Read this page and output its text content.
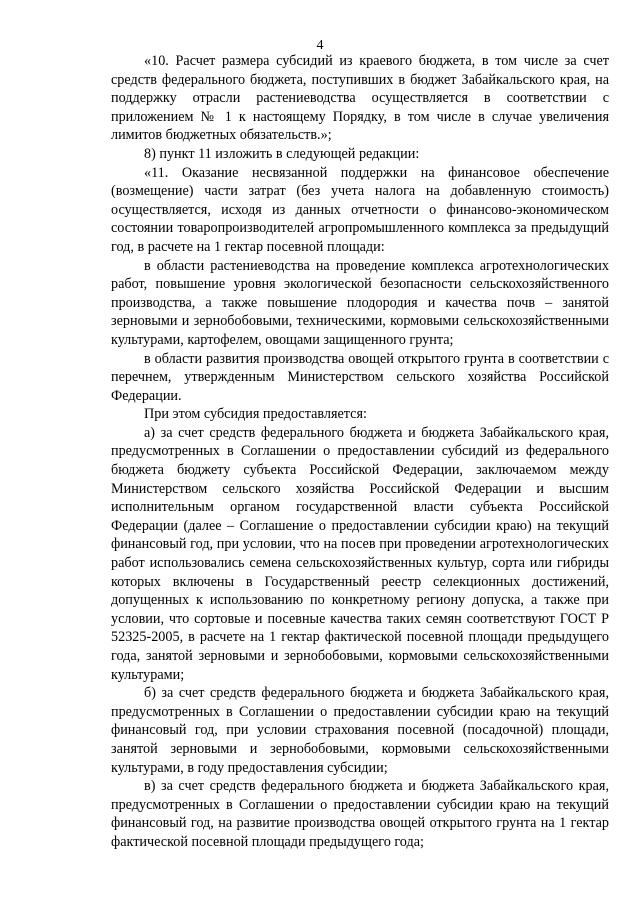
4

«10. Расчет размера субсидий из краевого бюджета, в том числе за счет средств федерального бюджета, поступивших в бюджет Забайкальского края, на поддержку отрасли растениеводства осуществляется в соответствии с приложением № 1 к настоящему Порядку, в том числе в случае увеличения лимитов бюджетных обязательств.»;

8) пункт 11 изложить в следующей редакции:

«11. Оказание несвязанной поддержки на финансовое обеспечение (возмещение) части затрат (без учета налога на добавленную стоимость) осуществляется, исходя из данных отчетности о финансово-экономическом состоянии товаропроизводителей агропромышленного комплекса за предыдущий год, в расчете на 1 гектар посевной площади:

в области растениеводства на проведение комплекса агротехнологических работ, повышение уровня экологической безопасности сельскохозяйственного производства, а также повышение плодородия и качества почв – занятой зерновыми и зернобобовыми, техническими, кормовыми сельскохозяйственными культурами, картофелем, овощами защищенного грунта;

в области развития производства овощей открытого грунта в соответствии с перечнем, утвержденным Министерством сельского хозяйства Российской Федерации.

При этом субсидия предоставляется:

а) за счет средств федерального бюджета и бюджета Забайкальского края, предусмотренных в Соглашении о предоставлении субсидий из федерального бюджета бюджету субъекта Российской Федерации, заключаемом между Министерством сельского хозяйства Российской Федерации и высшим исполнительным органом государственной власти субъекта Российской Федерации (далее – Соглашение о предоставлении субсидии краю) на текущий финансовый год, при условии, что на посев при проведении агротехнологических работ использовались семена сельскохозяйственных культур, сорта или гибриды которых включены в Государственный реестр селекционных достижений, допущенных к использованию по конкретному региону допуска, а также при условии, что сортовые и посевные качества таких семян соответствуют ГОСТ Р 52325-2005, в расчете на 1 гектар фактической посевной площади предыдущего года, занятой зерновыми и зернобобовыми, кормовыми сельскохозяйственными культурами;

б) за счет средств федерального бюджета и бюджета Забайкальского края, предусмотренных в Соглашении о предоставлении субсидии краю на текущий финансовый год, при условии страхования посевной (посадочной) площади, занятой зерновыми и зернобобовыми, кормовыми сельскохозяйственными культурами, в году предоставления субсидии;

в) за счет средств федерального бюджета и бюджета Забайкальского края, предусмотренных в Соглашении о предоставлении субсидии краю на текущий финансовый год, на развитие производства овощей открытого грунта на 1 гектар фактической посевной площади предыдущего года;
